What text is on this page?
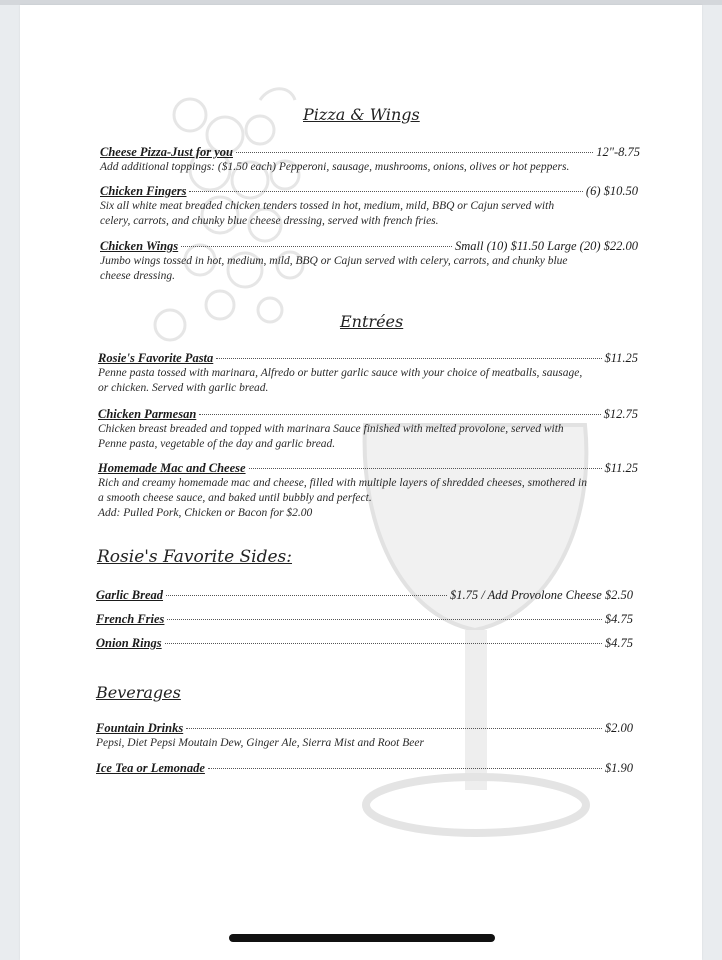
Pizza & Wings
Cheese Pizza-Just for you	12"-8.75
Add additional toppings: ($1.50 each) Pepperoni, sausage, mushrooms, onions, olives or hot peppers.
Chicken Fingers	(6) $10.50
Six all white meat breaded chicken tenders tossed in hot, medium, mild, BBQ or Cajun served with
celery, carrots, and chunky blue cheese dressing, served with french fries.
Chicken Wings	Small (10) $11.50 Large (20) $22.00
Jumbo wings tossed in hot, medium, mild, BBQ or Cajun served with celery, carrots, and chunky blue
cheese dressing.
Entrées
Rosie's Favorite Pasta	$11.25
Penne pasta tossed with marinara, Alfredo or butter garlic sauce with your choice of meatballs, sausage,
or chicken. Served with garlic bread.
Chicken Parmesan	$12.75
Chicken breast breaded and topped with marinara Sauce finished with melted provolone, served with
Penne pasta, vegetable of the day and garlic bread.
Homemade Mac and Cheese	$11.25
Rich and creamy homemade mac and cheese, filled with multiple layers of shredded cheeses, smothered in
a smooth cheese sauce, and baked until bubbly and perfect.
Add: Pulled Pork, Chicken or Bacon for $2.00
Rosie's Favorite Sides:
Garlic Bread	$1.75 / Add Provolone Cheese $2.50
French Fries	$4.75
Onion Rings	$4.75
Beverages
Fountain Drinks	$2.00
Pepsi, Diet Pepsi Moutain Dew, Ginger Ale, Sierra Mist and Root Beer
Ice Tea or Lemonade	$1.90
